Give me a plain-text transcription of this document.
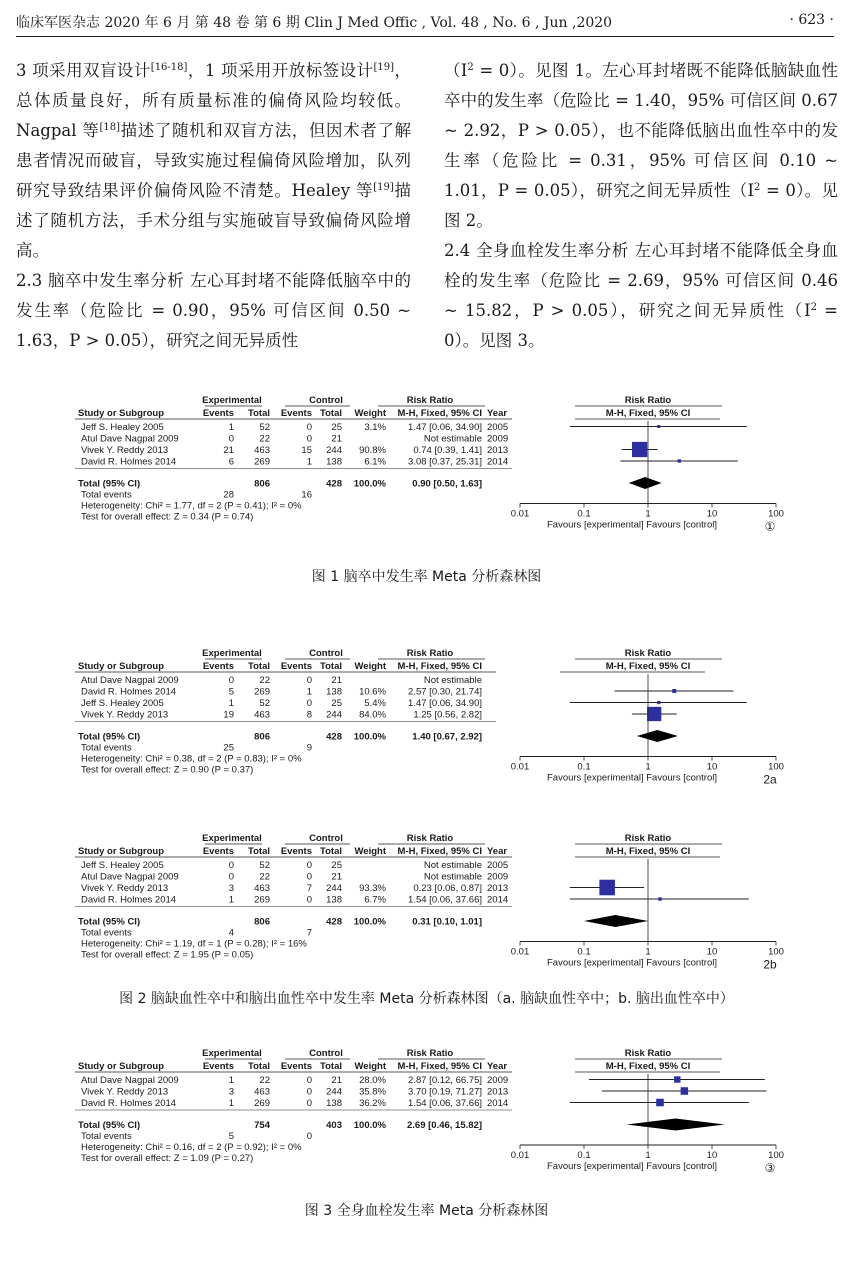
临床军医杂志 2020 年 6 月 第 48 卷 第 6 期 Clin J Med Offic , Vol. 48 , No. 6 , Jun ,2020	· 623 ·

3 项采用双盲设计[16-18]，1 项采用开放标签设计[19]，总体质量良好，所有质量标准的偏倚风险均较低。Nagpal 等[18]描述了随机和双盲方法，但因术者了解患者情况而破盲，导致实施过程偏倚风险增加，队列研究导致结果评价偏倚风险不清楚。Healey 等[19]描述了随机方法，手术分组与实施破盲导致偏倚风险增高。

2.3 脑卒中发生率分析 左心耳封堵不能降低脑卒中的发生率（危险比 = 0.90，95% 可信区间 0.50 ~ 1.63，P > 0.05），研究之间无异质性

$(I^2 = 0)$。见图 1。左心耳封堵既不能降低脑缺血性卒中的发生率（危险比 = 1.40，95% 可信区间 0.67 ~ 2.92，P > 0.05），也不能降低脑出血性卒中的发生率（危险比 = 0.31，95% 可信区间 0.10 ~ 1.01，P = 0.05），研究之间无异质性$(I^2 = 0)$。见图 2。

2.4 全身血栓发生率分析 左心耳封堵不能降低全身血栓的发生率（危险比 = 2.69，95% 可信区间 0.46 ~ 15.82，P > 0.05），研究之间无异质性$(I^2 = 0)$。见图 3。

Experimental	Control	Risk Ratio	Risk Ratio
Study or Subgroup	Events Total Events Total Weight M-H, Fixed, 95% CI Year	M-H, Fixed, 95% CI
Jeff S. Healey 2005	1	52	0 25 3.1% 1.47 [0.06, 34.90] 2005
Atul Dave Nagpal 2009	0	22	0 21	Not estimable 2009
Vivek Y. Reddy 2013	21 463	15 244 90.8%	0.74 [0.39, 1.41] 2013
David R. Holmes 2014	6 269	1 138 6.1% 3.08 [0.37, 25.31] 2014
Total (95% CI)	806	428 100.0%	0.90 [0.50, 1.63]
Total events	28	16
Heterogeneity: Chi² = 1.77, df = 2 (P = 0.41); I² = 0%
Test for overall effect: Z = 0.34 (P = 0.74)	0.01	0.1	1	10	100
Favours [experimental] Favours [control]	①
图 1 脑卒中发生率 Meta 分析森林图
Experimental	Control	Risk Ratio	Risk Ratio
Study or Subgroup	Events Total Events Total Weight M-H, Fixed, 95% CI	M-H, Fixed, 95% CI
Atul Dave Nagpal 2009	0	22	0 21	Not estimable
David R. Holmes 2014	5 269	1 138 10.6% 2.57 [0.30, 21.74]
Jeff S. Healey 2005	1	52	0 25 5.4% 1.47 [0.06, 34.90]
Vivek Y. Reddy 2013	19 463	8 244 84.0%	1.25 [0.56, 2.82]
Total (95% CI)	806	428 100.0%	1.40 [0.67, 2.92]
Total events	25	9
Heterogeneity: Chi² = 0.38, df = 2 (P = 0.83); I² = 0%
Test for overall effect: Z = 0.90 (P = 0.37)	0.01	0.1	1	10	100
Favours [experimental] Favours [control]	2a
Experimental	Control	Risk Ratio	Risk Ratio
Study or Subgroup	Events Total Events Total Weight M-H, Fixed, 95% CI Year	M-H, Fixed, 95% CI
Jeff S. Healey 2005	0	52	0 25	Not estimable 2005
Atul Dave Nagpal 2009	0	22	0 21	Not estimable 2009
Vivek Y. Reddy 2013	3 463	7 244 93.3%	0.23 [0.06, 0.87] 2013
David R. Holmes 2014	1 269	0 138 6.7% 1.54 [0.06, 37.66] 2014
Total (95% CI)	806	428 100.0%	0.31 [0.10, 1.01]
Total events	4	7
Heterogeneity: Chi² = 1.19, df = 1 (P = 0.28); I² = 16%
Test for overall effect: Z = 1.95 (P = 0.05)	0.01	0.1	1	10	100
Favours [experimental] Favours [control]	2b
图 2 脑缺血性卒中和脑出血性卒中发生率 Meta 分析森林图（a. 脑缺血性卒中；b. 脑出血性卒中）
Experimental	Control	Risk Ratio	Risk Ratio
Study or Subgroup	Events Total Events Total Weight M-H, Fixed, 95% CI Year	M-H, Fixed, 95% CI
Atul Dave Nagpal 2009	1	22	0 21 28.0% 2.87 [0.12, 66.75] 2009
Vivek Y. Reddy 2013	3 463	0 244 35.8% 3.70 [0.19, 71.27] 2013
David R. Holmes 2014	1 269	0 138 36.2% 1.54 [0.06, 37.66] 2014
Total (95% CI)	754	403 100.0% 2.69 [0.46, 15.82]
Total events	5	0
Heterogeneity: Chi² = 0.16, df = 2 (P = 0.92); I² = 0%
Test for overall effect: Z = 1.09 (P = 0.27)	0.01	0.1	1	10	100
Favours [experimental] Favours [control]	③
图 3 全身血栓发生率 Meta 分析森林图
